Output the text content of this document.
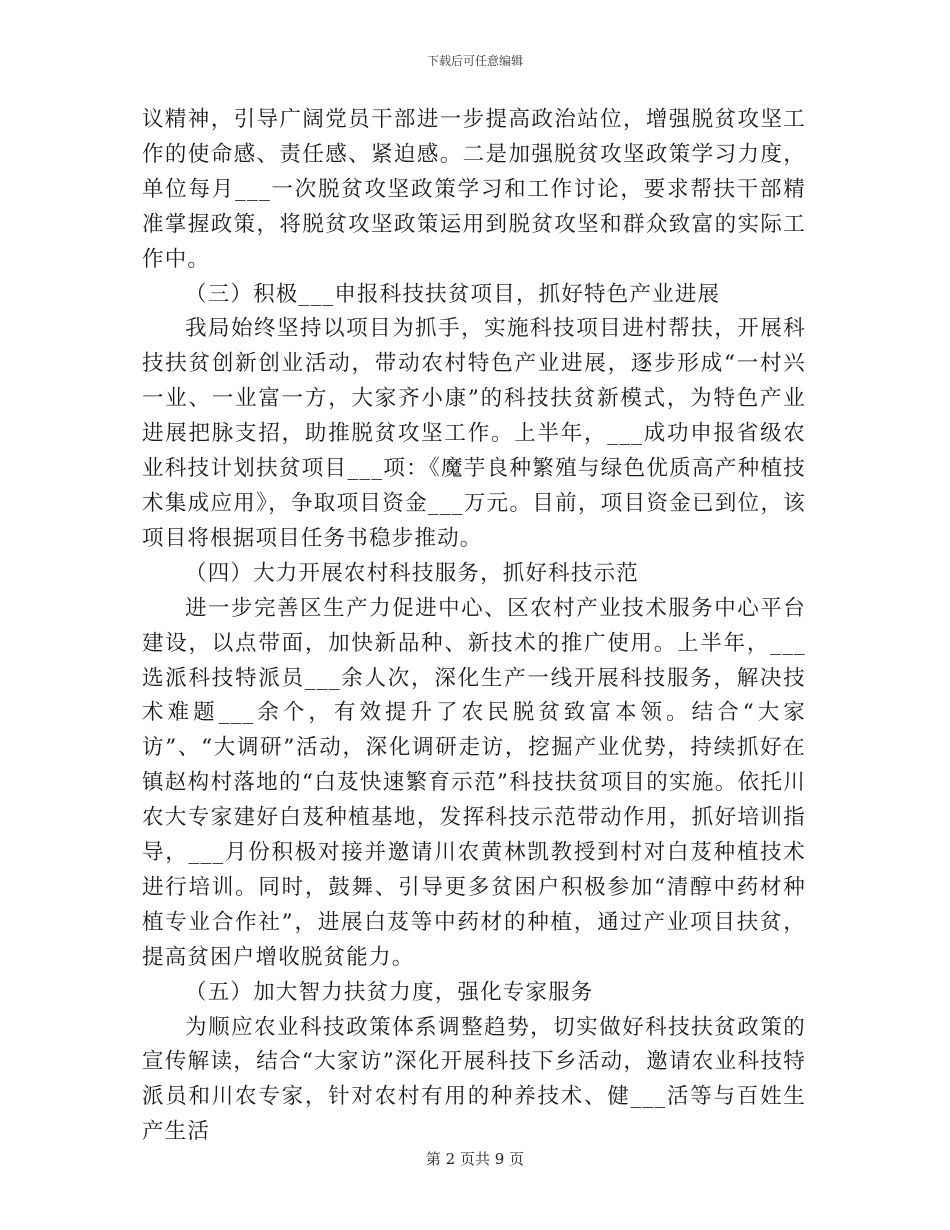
下载后可任意编辑

议精神，引导广阔党员干部进一步提高政治站位，增强脱贫攻坚工作的使命感、责任感、紧迫感。二是加强脱贫攻坚政策学习力度，单位每月___一次脱贫攻坚政策学习和工作讨论，要求帮扶干部精准掌握政策，将脱贫攻坚政策运用到脱贫攻坚和群众致富的实际工作中。

（三）积极___申报科技扶贫项目，抓好特色产业进展

我局始终坚持以项目为抓手，实施科技项目进村帮扶，开展科技扶贫创新创业活动，带动农村特色产业进展，逐步形成“一村兴一业、一业富一方，大家齐小康”的科技扶贫新模式，为特色产业进展把脉支招，助推脱贫攻坚工作。上半年，___成功申报省级农业科技计划扶贫项目___项：《魔芋良种繁殖与绿色优质高产种植技术集成应用》，争取项目资金___万元。目前，项目资金已到位，该项目将根据项目任务书稳步推动。

（四）大力开展农村科技服务，抓好科技示范

进一步完善区生产力促进中心、区农村产业技术服务中心平台建设，以点带面，加快新品种、新技术的推广使用。上半年，___选派科技特派员___余人次，深化生产一线开展科技服务，解决技术难题___余个，有效提升了农民脱贫致富本领。结合“大家访”、“大调研”活动，深化调研走访，挖掘产业优势，持续抓好在镇赵构村落地的“白芨快速繁育示范”科技扶贫项目的实施。依托川农大专家建好白芨种植基地，发挥科技示范带动作用，抓好培训指导，___月份积极对接并邀请川农黄林凯教授到村对白芨种植技术进行培训。同时，鼓舞、引导更多贫困户积极参加“清醇中药材种植专业合作社”，进展白芨等中药材的种植，通过产业项目扶贫，提高贫困户增收脱贫能力。

（五）加大智力扶贫力度，强化专家服务

为顺应农业科技政策体系调整趋势，切实做好科技扶贫政策的宣传解读，结合“大家访”深化开展科技下乡活动，邀请农业科技特派员和川农专家，针对农村有用的种养技术、健___活等与百姓生产生活

第 2 页共 9 页
